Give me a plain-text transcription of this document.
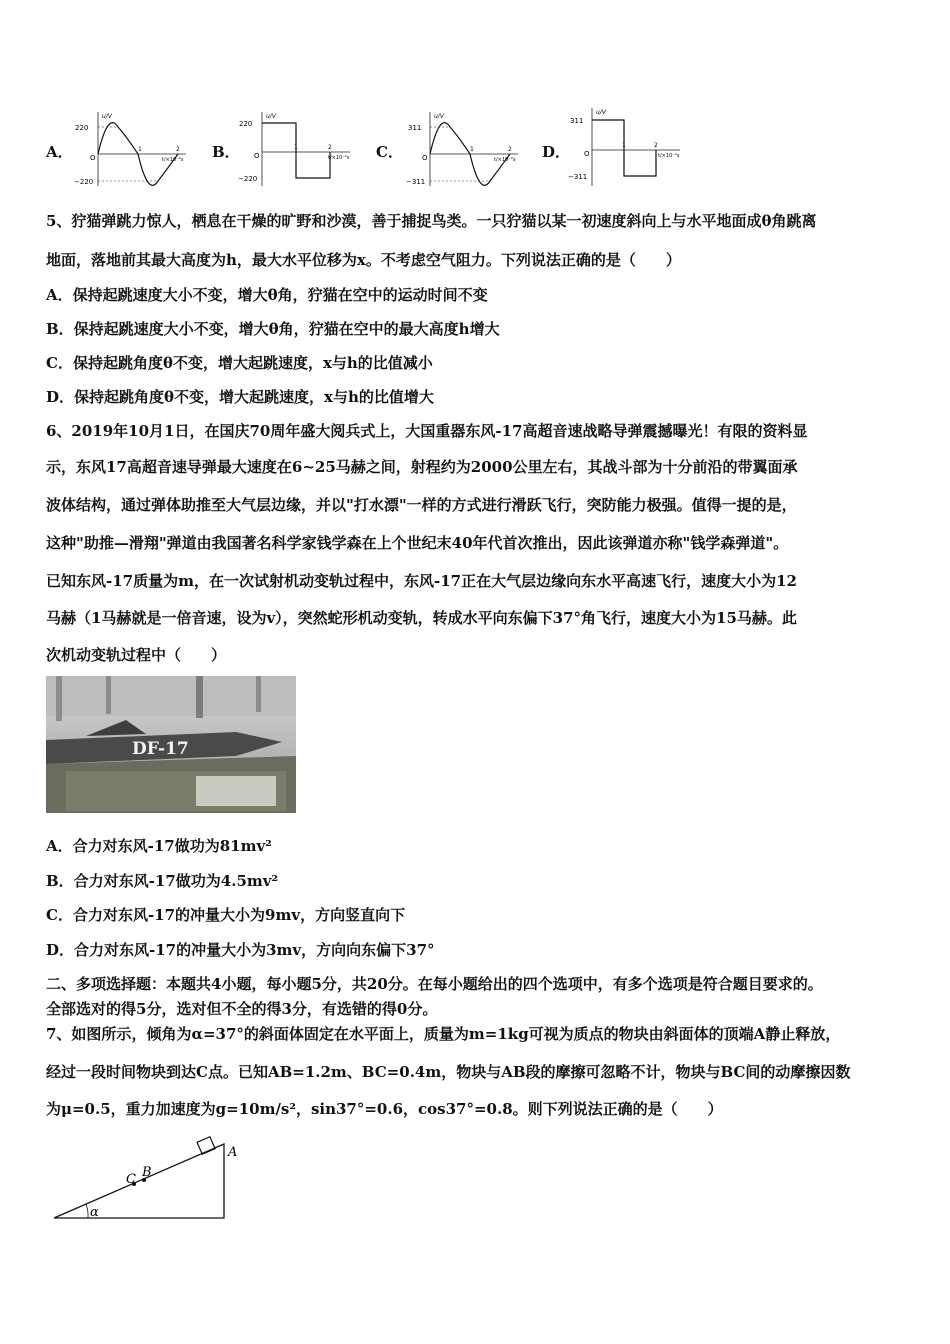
A．
220
−220
O
u/V
1	2
t/×10⁻²s B．
220
−220
O
u/V
1	2
t/×10⁻²s C．
311
−311
O
u/V
1	2
t/×10⁻²s D．
311
−311
O
u/V
1	2
t/×10⁻²s
5、狞猫弹跳力惊人，栖息在干燥的旷野和沙漠，善于捕捉鸟类。一只狞猫以某一初速度斜向上与水平地面成θ角跳离
地面，落地前其最大高度为h，最大水平位移为x。不考虑空气阻力。下列说法正确的是（　　）
A．保持起跳速度大小不变，增大θ角，狞猫在空中的运动时间不变
B．保持起跳速度大小不变，增大θ角，狞猫在空中的最大高度h增大
C．保持起跳角度θ不变，增大起跳速度，x与h的比值减小
D．保持起跳角度θ不变，增大起跳速度，x与h的比值增大
6、2019年10月1日，在国庆70周年盛大阅兵式上，大国重器东风-17高超音速战略导弹震撼曝光！有限的资料显
示，东风17高超音速导弹最大速度在6~25马赫之间，射程约为2000公里左右，其战斗部为十分前沿的带翼面承
波体结构，通过弹体助推至大气层边缘，并以"打水漂"一样的方式进行滑跃飞行，突防能力极强。值得一提的是，
这种"助推—滑翔"弹道由我国著名科学家钱学森在上个世纪末40年代首次推出，因此该弹道亦称"钱学森弹道"。
已知东风-17质量为m，在一次试射机动变轨过程中，东风-17正在大气层边缘向东水平高速飞行，速度大小为12
马赫（1马赫就是一倍音速，设为v），突然蛇形机动变轨，转成水平向东偏下37°角飞行，速度大小为15马赫。此
次机动变轨过程中（　　）
DF-17
A．合力对东风-17做功为81mv²
B．合力对东风-17做功为4.5mv²
C．合力对东风-17的冲量大小为9mv，方向竖直向下
D．合力对东风-17的冲量大小为3mv，方向向东偏下37°
二、多项选择题：本题共4小题，每小题5分，共20分。在每小题给出的四个选项中，有多个选项是符合题目要求的。
全部选对的得5分，选对但不全的得3分，有选错的得0分。
7、如图所示，倾角为α=37°的斜面体固定在水平面上，质量为m=1kg可视为质点的物块由斜面体的顶端A静止释放，
经过一段时间物块到达C点。已知AB=1.2m、BC=0.4m，物块与AB段的摩擦可忽略不计，物块与BC间的动摩擦因数
为μ=0.5，重力加速度为g=10m/s²，sin37°=0.6，cos37°=0.8。则下列说法正确的是（　　）
A
B
C
α
